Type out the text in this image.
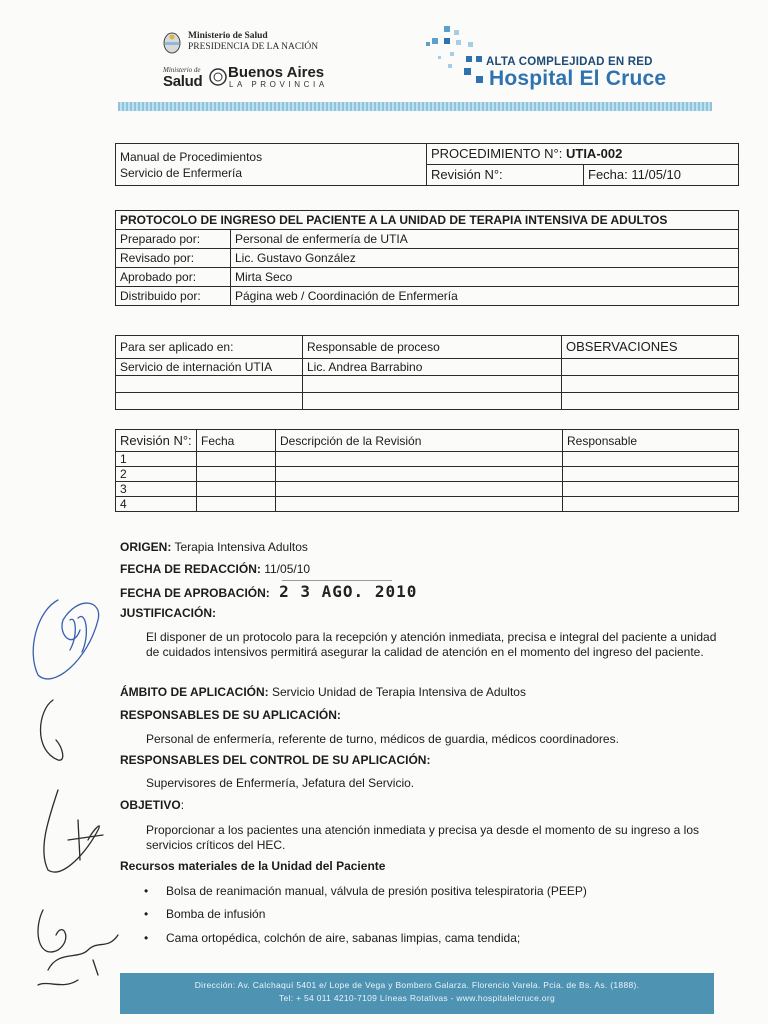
Ministerio de Salud
PRESIDENCIA DE LA NACIÓN
Ministerio de
Salud
Buenos Aires
LA PROVINCIA
ALTA COMPLEJIDAD EN RED
Hospital El Cruce
Manual de Procedimientos
Servicio de Enfermería	PROCEDIMIENTO N°: UTIA-002	
	Revisión N°:	Fecha: 11/05/10
PROTOCOLO DE INGRESO DEL PACIENTE A LA UNIDAD DE TERAPIA INTENSIVA DE ADULTOS	
Preparado por:	Personal de enfermería de UTIA
Revisado por:	Lic. Gustavo González
Aprobado por:	Mirta Seco
Distribuido por:	Página web / Coordinación de Enfermería
Para ser aplicado en:	Responsable de proceso	OBSERVACIONES
Servicio de internación UTIA	Lic. Andrea Barrabino	

Revisión N°:	Fecha	Descripción de la Revisión	Responsable
1			
2			
3			
4			
ORIGEN: Terapia Intensiva Adultos
FECHA DE REDACCIÓN: 11/05/10
FECHA DE APROBACIÓN: 2 3 AGO. 2010
JUSTIFICACIÓN:
El disponer de un protocolo para la recepción y atención inmediata, precisa e integral del paciente a unidad de cuidados intensivos permitirá asegurar la calidad de atención en el momento del ingreso del paciente.
ÁMBITO DE APLICACIÓN: Servicio Unidad de Terapia Intensiva de Adultos
RESPONSABLES DE SU APLICACIÓN:
Personal de enfermería, referente de turno, médicos de guardia, médicos coordinadores.
RESPONSABLES DEL CONTROL DE SU APLICACIÓN:
Supervisores de Enfermería, Jefatura del Servicio.
OBJETIVO:
Proporcionar a los pacientes una atención inmediata y precisa ya desde el momento de su ingreso a los servicios críticos del HEC.
Recursos materiales de la Unidad del Paciente
• Bolsa de reanimación manual, válvula de presión positiva telespiratoria (PEEP)
• Bomba de infusión
• Cama ortopédica, colchón de aire, sabanas limpias, cama tendida;
Dirección: Av. Calchaquí 5401 e/ Lope de Vega y Bombero Galarza. Florencio Varela. Pcia. de Bs. As. (1888).
Tel: + 54 011 4210-7109 Líneas Rotativas - www.hospitalelcruce.org
